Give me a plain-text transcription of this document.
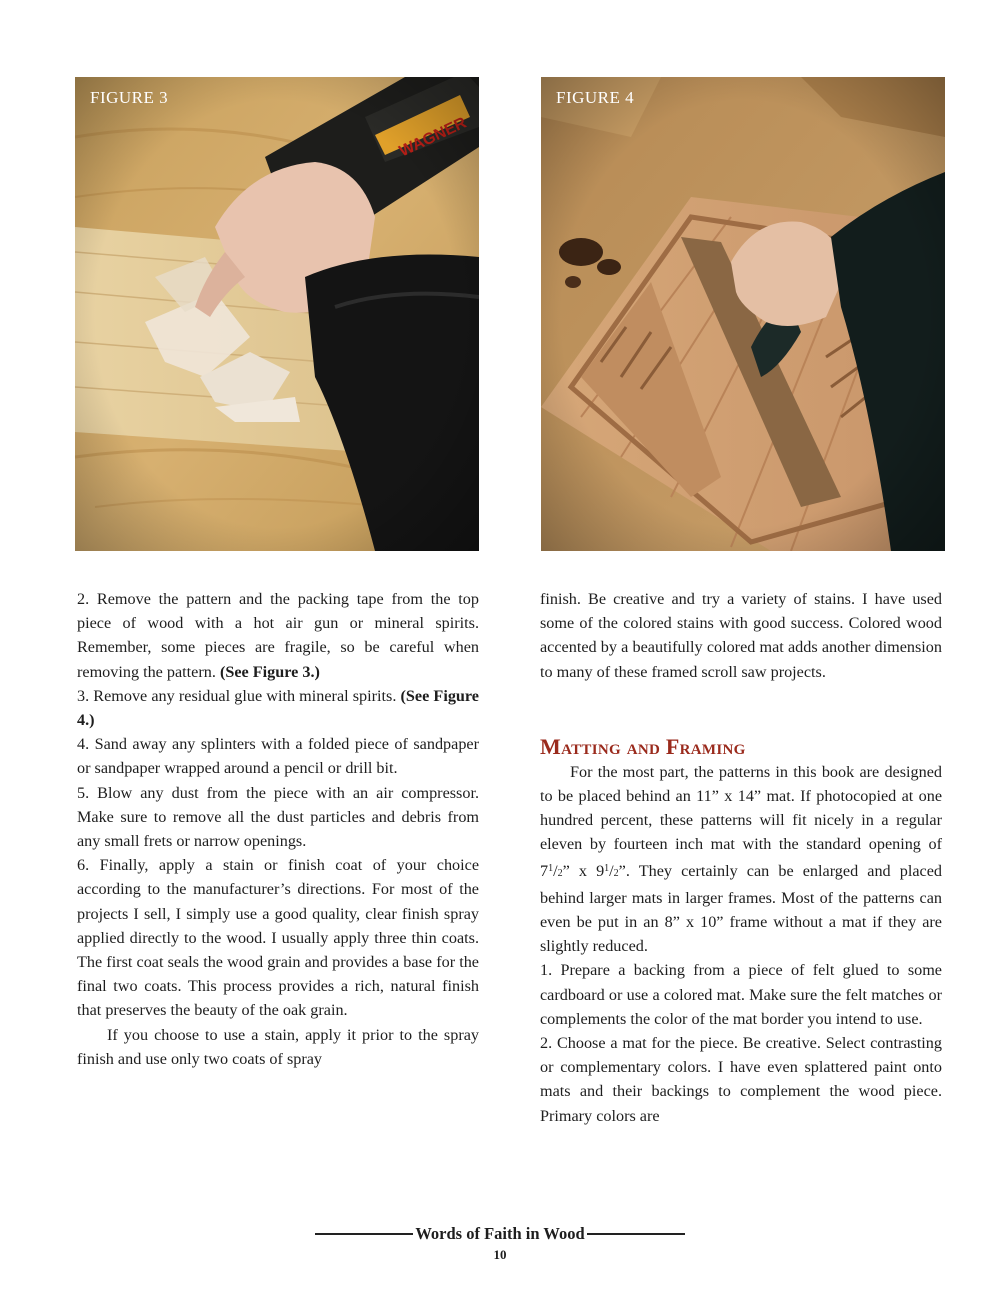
FIGURE 3	FIGURE 4

2. Remove the pattern and the packing tape from the top piece of wood with a hot air gun or mineral spirits. Remember, some pieces are fragile, so be careful when removing the pattern. (See Figure 3.)

3. Remove any residual glue with mineral spirits. (See Figure 4.)

4. Sand away any splinters with a folded piece of sandpaper or sandpaper wrapped around a pencil or drill bit.

5. Blow any dust from the piece with an air compressor. Make sure to remove all the dust particles and debris from any small frets or narrow openings.

6. Finally, apply a stain or finish coat of your choice according to the manufacturer’s directions. For most of the projects I sell, I simply use a good quality, clear finish spray applied directly to the wood. I usually apply three thin coats. The first coat seals the wood grain and provides a base for the final two coats. This process provides a rich, natural finish that preserves the beauty of the oak grain.

If you choose to use a stain, apply it prior to the spray finish and use only two coats of spray

finish. Be creative and try a variety of stains. I have used some of the colored stains with good success. Colored wood accented by a beautifully colored mat adds another dimension to many of these framed scroll saw projects.

Matting and Framing

For the most part, the patterns in this book are designed to be placed behind an 11” x 14” mat. If photocopied at one hundred percent, these patterns will fit nicely in a regular eleven by fourteen inch mat with the standard opening of $7^1/2$” x $9^1/2$”. They certainly can be enlarged and placed behind larger mats in larger frames. Most of the patterns can even be put in an 8” x 10” frame without a mat if they are slightly reduced.

1. Prepare a backing from a piece of felt glued to some cardboard or use a colored mat. Make sure the felt matches or complements the color of the mat border you intend to use.

2. Choose a mat for the piece. Be creative. Select contrasting or complementary colors. I have even splattered paint onto mats and their backings to complement the wood piece. Primary colors are

Words of Faith in Wood
10
